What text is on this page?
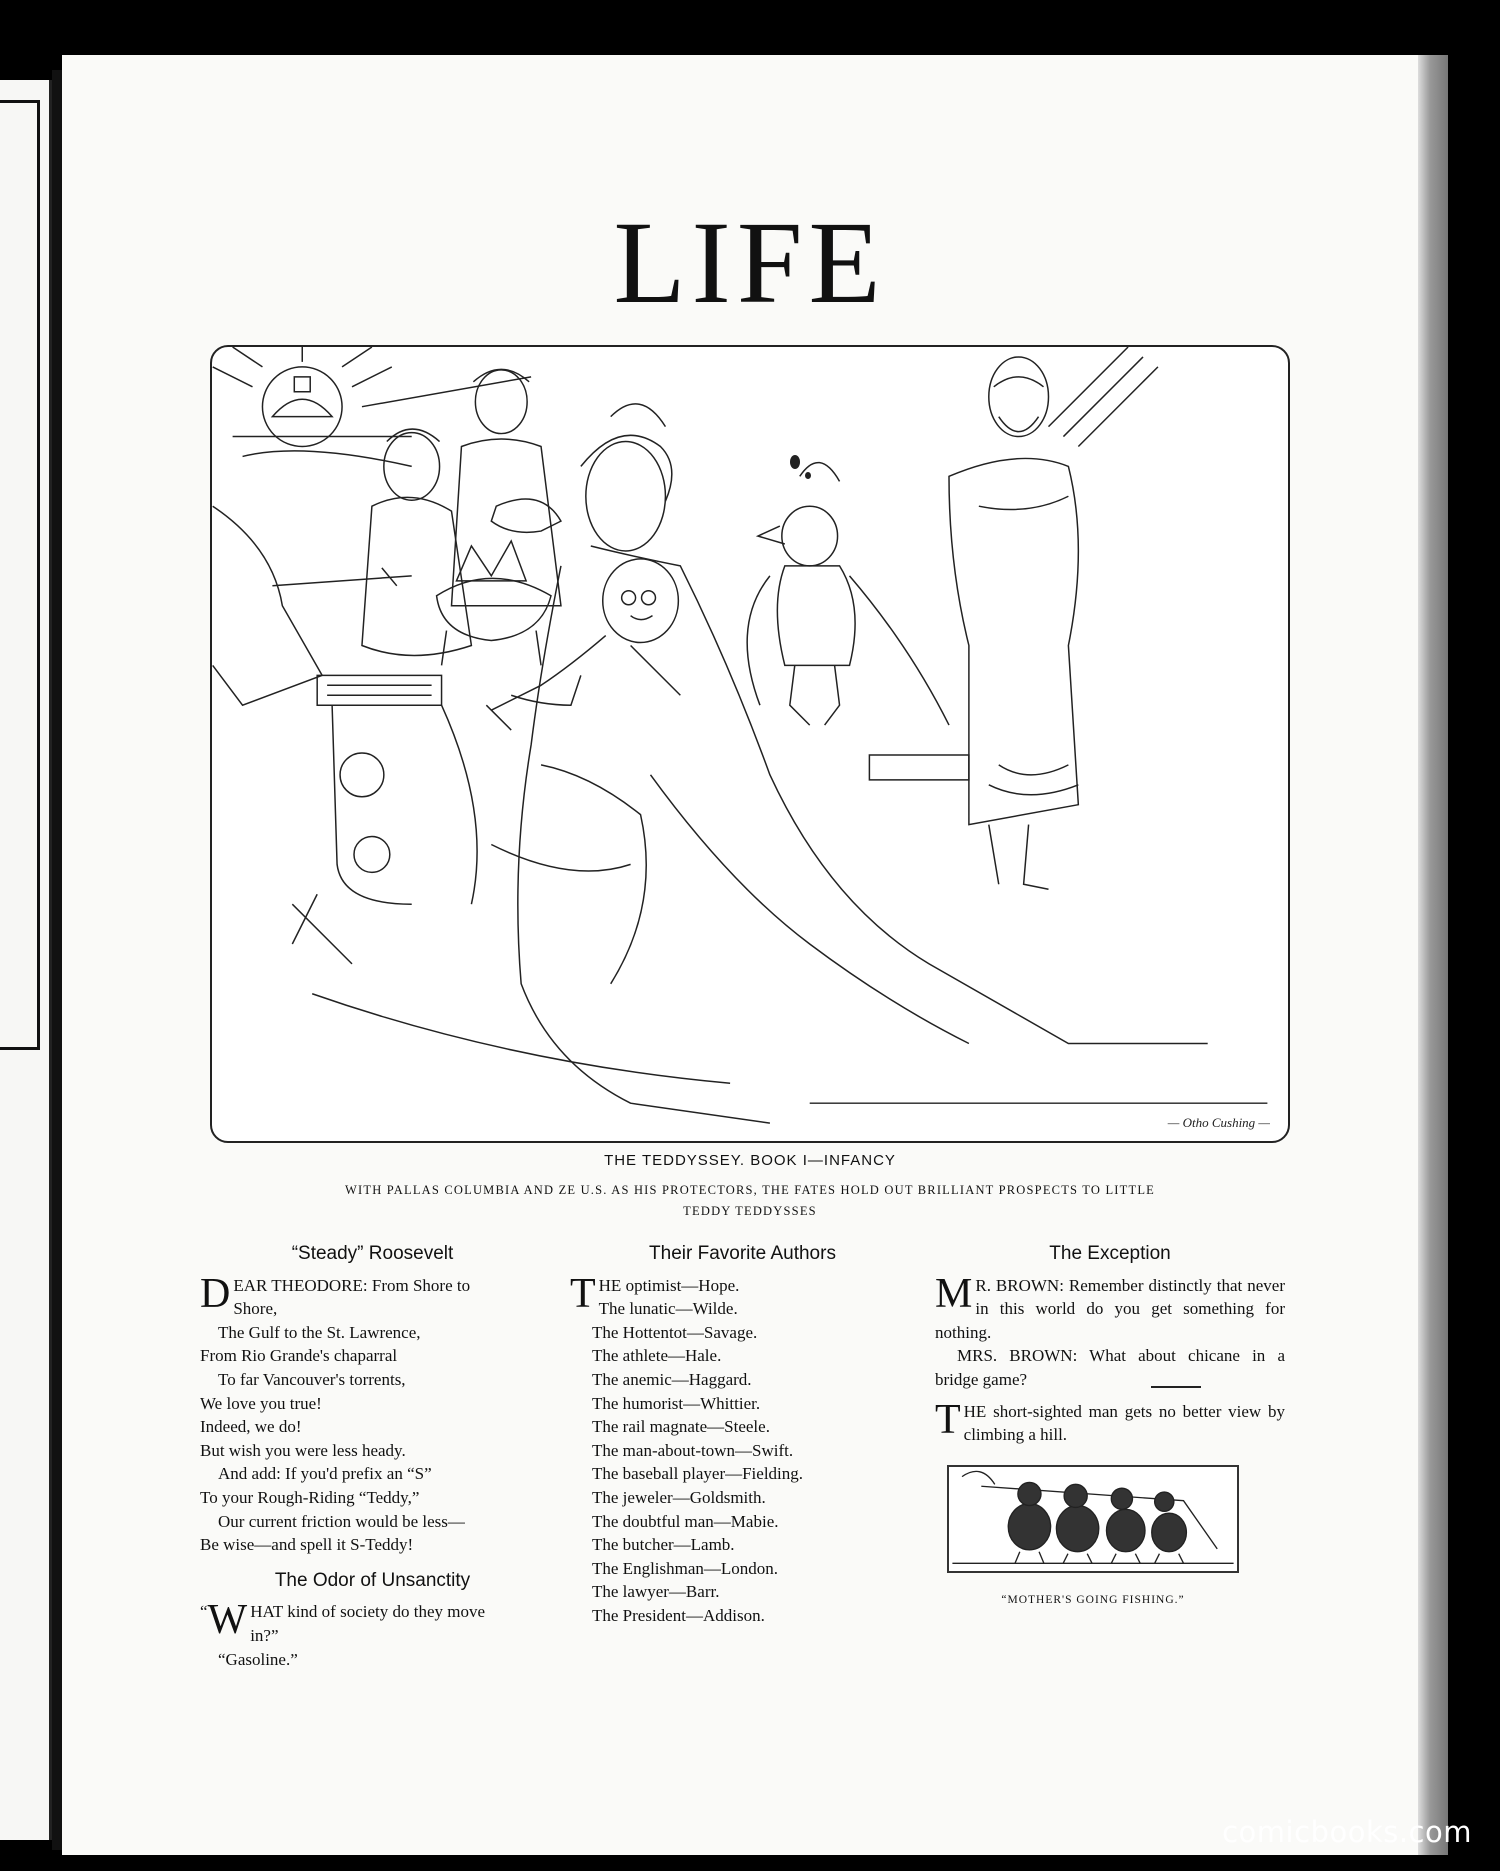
LIFE
— Otho Cushing —
THE TEDDYSSEY. BOOK I—INFANCY
WITH PALLAS COLUMBIA AND ZE U.S. AS HIS PROTECTORS, THE FATES HOLD OUT BRILLIANT PROSPECTS TO LITTLE
TEDDY TEDDYSSES
“Steady” Roosevelt
D EAR THEODORE: From Shore to
Shore,
The Gulf to the St. Lawrence,
From Rio Grande's chaparral
To far Vancouver's torrents,
We love you true!
Indeed, we do!
But wish you were less heady.
And add: If you'd prefix an “S”
To your Rough-Riding “Teddy,”
Our current friction would be less—
Be wise—and spell it S-Teddy!
The Odor of Unsanctity
“ W HAT kind of society do they move
in?”
“Gasoline.”
Their Favorite Authors
T HE optimist—Hope.
The lunatic—Wilde.
The Hottentot—Savage.
The athlete—Hale.
The anemic—Haggard.
The humorist—Whittier.
The rail magnate—Steele.
The man-about-town—Swift.
The baseball player—Fielding.
The jeweler—Goldsmith.
The doubtful man—Mabie.
The butcher—Lamb.
The Englishman—London.
The lawyer—Barr.
The President—Addison.
The Exception

M R. BROWN: Remember distinctly that never in this world do you get something for nothing.

MRS. BROWN: What about chicane in a bridge game?

THE short-sighted man gets no better view by climbing a hill.

“MOTHER'S GOING FISHING.”
comicbooks.com
